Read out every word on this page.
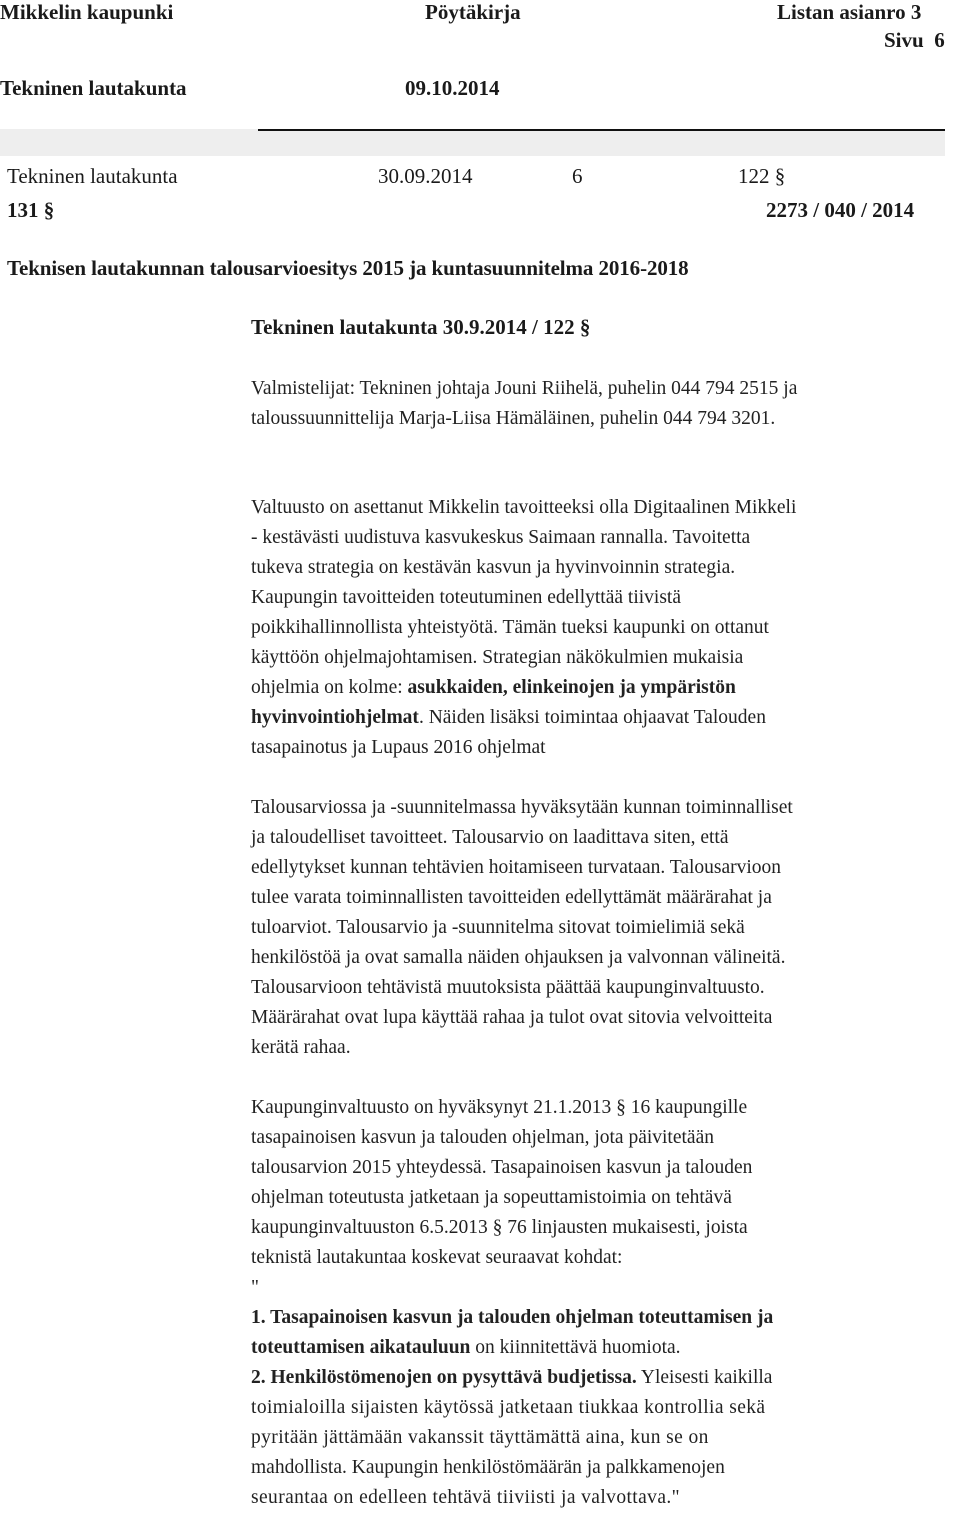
Mikkelin kaupunki	Pöytäkirja	Listan asianro 3
Sivu  6
Tekninen lautakunta	09.10.2014
Tekninen lautakunta	30.09.2014	6	122 §
131 §	2273 / 040 / 2014
Teknisen lautakunnan talousarvioesitys 2015 ja kuntasuunnitelma 2016-2018
Tekninen lautakunta 30.9.2014 / 122 §
Valmistelijat: Tekninen johtaja Jouni Riihelä, puhelin 044 794 2515 ja
taloussuunnittelija Marja-Liisa Hämäläinen, puhelin 044 794 3201.
Valtuusto on asettanut Mikkelin tavoitteeksi olla Digitaalinen Mikkeli
- kestävästi uudistuva kasvukeskus Saimaan rannalla. Tavoitetta
tukeva strategia on kestävän kasvun ja hyvinvoinnin strategia.
Kaupungin tavoitteiden toteutuminen edellyttää tiivistä
poikkihallinnollista yhteistyötä. Tämän tueksi kaupunki on ottanut
käyttöön ohjelmajohtamisen. Strategian näkökulmien mukaisia
ohjelmia on kolme: asukkaiden, elinkeinojen ja ympäristön
hyvinvointiohjelmat. Näiden lisäksi toimintaa ohjaavat Talouden
tasapainotus ja Lupaus 2016 ohjelmat
Talousarviossa ja -suunnitelmassa hyväksytään kunnan toiminnalliset
ja taloudelliset tavoitteet. Talousarvio on laadittava siten, että
edellytykset kunnan tehtävien hoitamiseen turvataan. Talousarvioon
tulee varata toiminnallisten tavoitteiden edellyttämät määrärahat ja
tuloarviot. Talousarvio ja -suunnitelma sitovat toimielimiä sekä
henkilöstöä ja ovat samalla näiden ohjauksen ja valvonnan välineitä.
Talousarvioon tehtävistä muutoksista päättää kaupunginvaltuusto.
Määrärahat ovat lupa käyttää rahaa ja tulot ovat sitovia velvoitteita
kerätä rahaa.
Kaupunginvaltuusto on hyväksynyt 21.1.2013 § 16 kaupungille
tasapainoisen kasvun ja talouden ohjelman, jota päivitetään
talousarvion 2015 yhteydessä. Tasapainoisen kasvun ja talouden
ohjelman toteutusta jatketaan ja sopeuttamistoimia on tehtävä
kaupunginvaltuuston 6.5.2013 § 76 linjausten mukaisesti, joista
teknistä lautakuntaa koskevat seuraavat kohdat:
"
1. Tasapainoisen kasvun ja talouden ohjelman toteuttamisen ja
toteuttamisen aikatauluun on kiinnitettävä huomiota.
2. Henkilöstömenojen on pysyttävä budjetissa. Yleisesti kaikilla
toimialoilla sijaisten käytössä jatketaan tiukkaa kontrollia sekä
pyritään jättämään vakanssit täyttämättä aina, kun se on
mahdollista. Kaupungin henkilöstömäärän ja palkkamenojen
seurantaa on edelleen tehtävä tiiviisti ja valvottava."
